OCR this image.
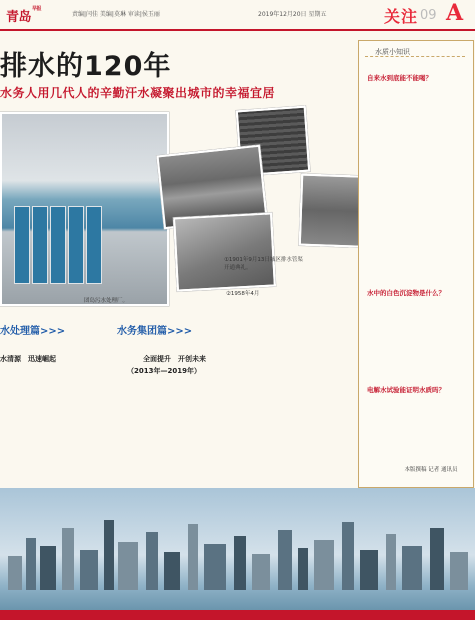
青岛早报
责编|闫佳 美编|莫琳 审读|侯玉丽	2019年12月20日 星期五	关注 09 A
排水的120年
水务人用几代人的辛勤汗水凝聚出城市的幸福宜居
团岛污水处理厂。
①1901年9月13日城区排水管渠开通典礼。
②1958年4月
水处理篇>>>	水务集团篇>>>
水清源　迅速崛起	全面提升　开创未来
（2013年—2019年）
水质小知识
自来水到底能不能喝？
水中的白色沉淀物是什么？
电解水试验能证明水质吗？
本版撰稿 记者 通讯员
